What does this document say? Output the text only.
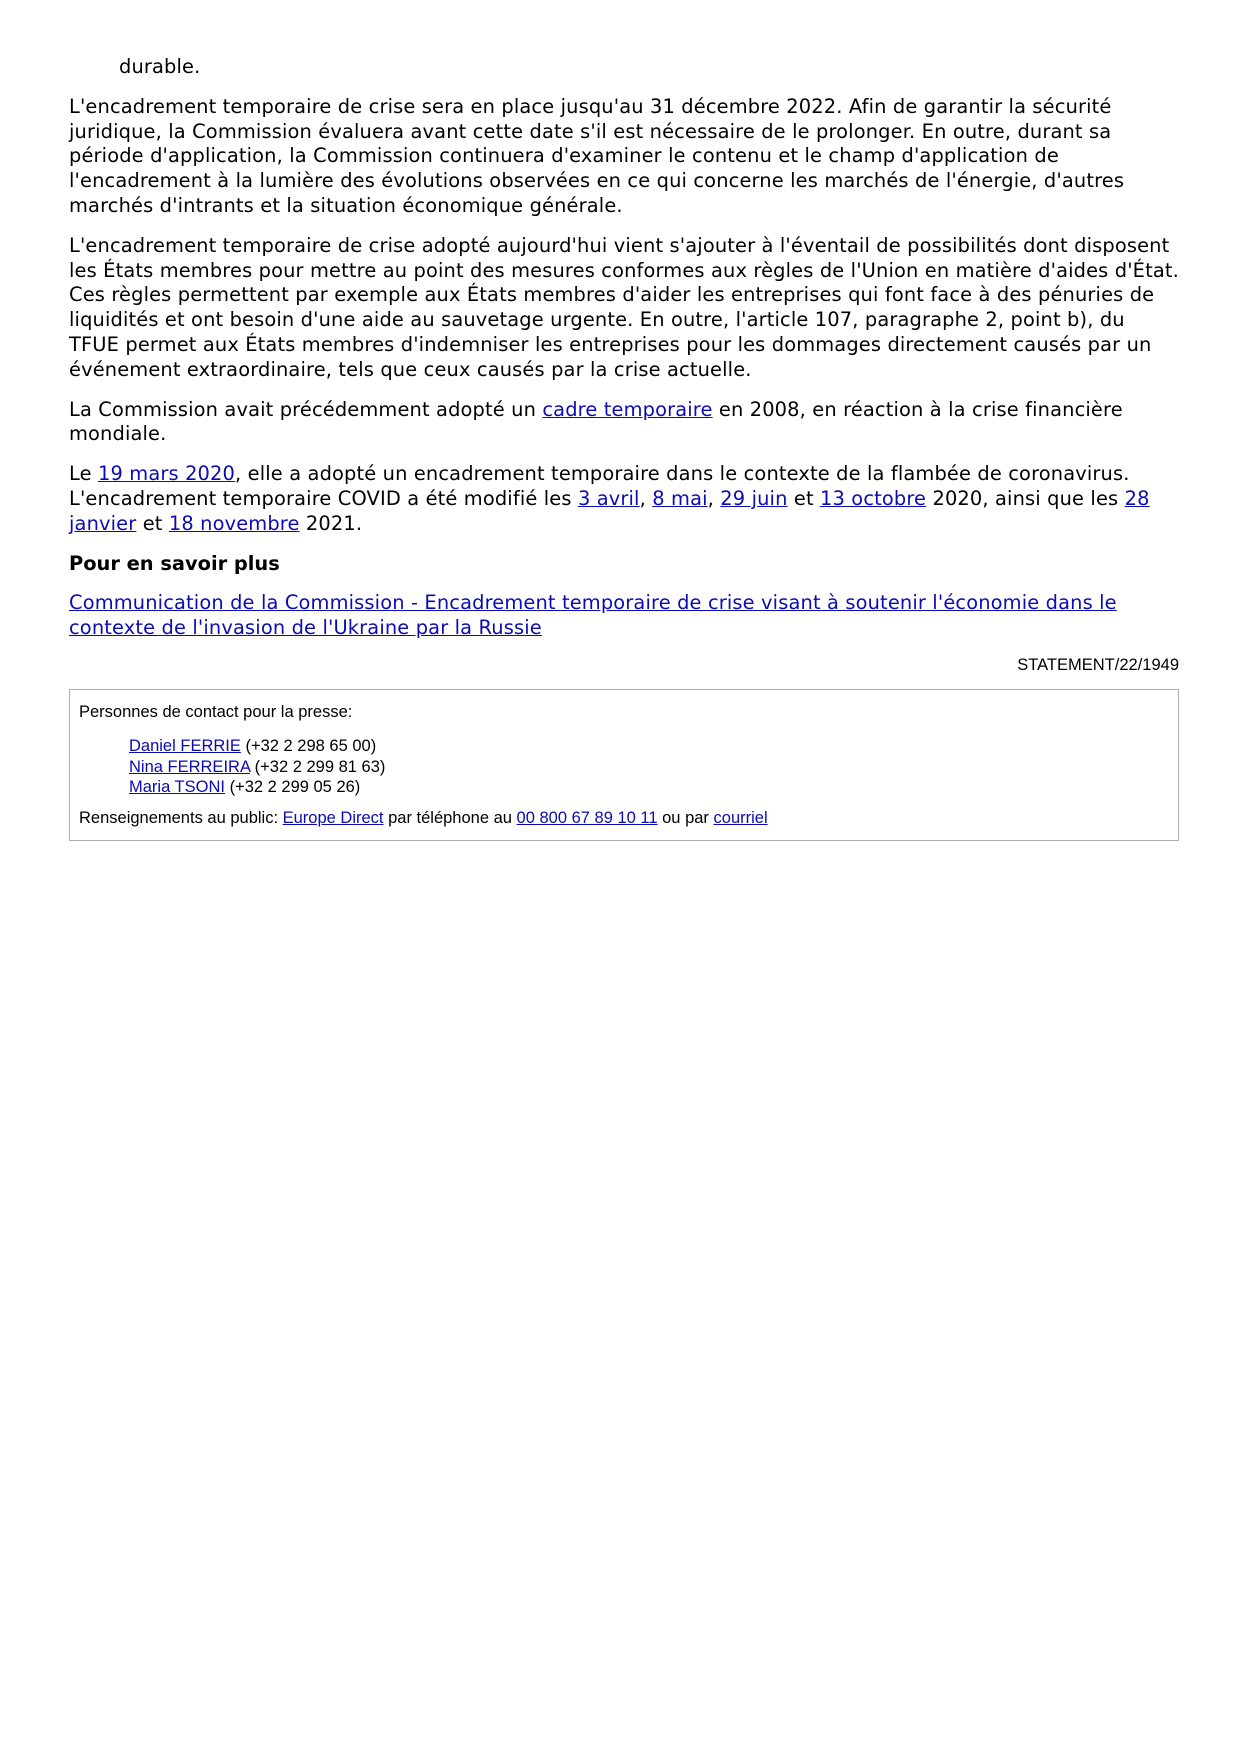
durable.

L'encadrement temporaire de crise sera en place jusqu'au 31 décembre 2022. Afin de garantir la sécurité juridique, la Commission évaluera avant cette date s'il est nécessaire de le prolonger. En outre, durant sa période d'application, la Commission continuera d'examiner le contenu et le champ d'application de l'encadrement à la lumière des évolutions observées en ce qui concerne les marchés de l'énergie, d'autres marchés d'intrants et la situation économique générale.

L'encadrement temporaire de crise adopté aujourd'hui vient s'ajouter à l'éventail de possibilités dont disposent les États membres pour mettre au point des mesures conformes aux règles de l'Union en matière d'aides d'État. Ces règles permettent par exemple aux États membres d'aider les entreprises qui font face à des pénuries de liquidités et ont besoin d'une aide au sauvetage urgente. En outre, l'article 107, paragraphe 2, point b), du TFUE permet aux États membres d'indemniser les entreprises pour les dommages directement causés par un événement extraordinaire, tels que ceux causés par la crise actuelle.

La Commission avait précédemment adopté un cadre temporaire en 2008, en réaction à la crise financière mondiale.

Le 19 mars 2020, elle a adopté un encadrement temporaire dans le contexte de la flambée de coronavirus. L'encadrement temporaire COVID a été modifié les 3 avril, 8 mai, 29 juin et 13 octobre 2020, ainsi que les 28 janvier et 18 novembre 2021.

Pour en savoir plus

Communication de la Commission - Encadrement temporaire de crise visant à soutenir l'économie dans le contexte de l'invasion de l'Ukraine par la Russie

STATEMENT/22/1949

Personnes de contact pour la presse:

Daniel FERRIE (+32 2 298 65 00)
Nina FERREIRA (+32 2 299 81 63)
Maria TSONI (+32 2 299 05 26)

Renseignements au public: Europe Direct par téléphone au 00 800 67 89 10 11 ou par courriel
